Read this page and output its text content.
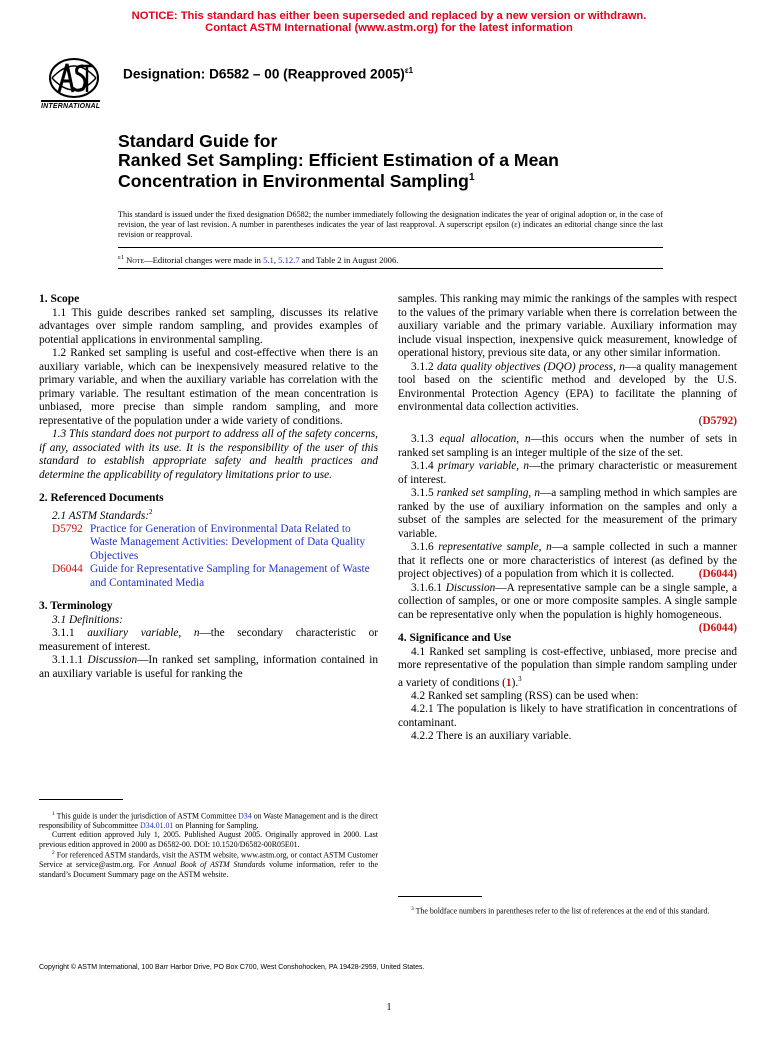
NOTICE: This standard has either been superseded and replaced by a new version or withdrawn.
Contact ASTM International (www.astm.org) for the latest information
INTERNATIONAL
Designation: D6582 – 00 (Reapproved 2005)$^{\varepsilon 1}$
Standard Guide for
Ranked Set Sampling: Efficient Estimation of a Mean
Concentration in Environmental Sampling$^1$
This standard is issued under the fixed designation D6582; the number immediately following the designation indicates the year of original adoption or, in the case of revision, the year of last revision. A number in parentheses indicates the year of last reapproval. A superscript epsilon (ε) indicates an editorial change since the last revision or reapproval.
$^{\varepsilon 1}$ Note—Editorial changes were made in 5.1, 5.12.7 and Table 2 in August 2006.
1. Scope

1.1 This guide describes ranked set sampling, discusses its relative advantages over simple random sampling, and provides examples of potential applications in environmental sampling.

1.2 Ranked set sampling is useful and cost-effective when there is an auxiliary variable, which can be inexpensively measured relative to the primary variable, and when the auxiliary variable has correlation with the primary variable. The resultant estimation of the mean concentration is unbiased, more precise than simple random sampling, and more representative of the population under a wide variety of conditions.

1.3 This standard does not purport to address all of the safety concerns, if any, associated with its use. It is the responsibility of the user of this standard to establish appropriate safety and health practices and determine the applicability of regulatory limitations prior to use.

2. Referenced Documents

2.1 ASTM Standards:$^2$

D5792 Practice for Generation of Environmental Data Related to Waste Management Activities: Development of Data Quality Objectives
D6044 Guide for Representative Sampling for Management of Waste and Contaminated Media
3. Terminology

3.1 Definitions:

3.1.1 auxiliary variable, n—the secondary characteristic or measurement of interest.

3.1.1.1 Discussion—In ranked set sampling, information contained in an auxiliary variable is useful for ranking the

samples. This ranking may mimic the rankings of the samples with respect to the values of the primary variable when there is correlation between the auxiliary variable and the primary variable. Auxiliary information may include visual inspection, inexpensive quick measurement, knowledge of operational history, previous site data, or any other similar information.

3.1.2 data quality objectives (DQO) process, n—a quality management tool based on the scientific method and developed by the U.S. Environmental Protection Agency (EPA) to facilitate the planning of environmental data collection activities.

(D5792)

3.1.3 equal allocation, n—this occurs when the number of sets in ranked set sampling is an integer multiple of the size of the set.

3.1.4 primary variable, n—the primary characteristic or measurement of interest.

3.1.5 ranked set sampling, n—a sampling method in which samples are ranked by the use of auxiliary information on the samples and only a subset of the samples are selected for the measurement of the primary variable.

3.1.6 representative sample, n—a sample collected in such a manner that it reflects one or more characteristics of interest (as defined by the project objectives) of a population from which it is collected.	(D6044)

3.1.6.1 Discussion—A representative sample can be a single sample, a collection of samples, or one or more composite samples. A single sample can be representative only when the population is highly homogeneous.
(D6044)

4. Significance and Use

4.1 Ranked set sampling is cost-effective, unbiased, more precise and more representative of the population than simple random sampling under a variety of conditions (1).$^3$

4.2 Ranked set sampling (RSS) can be used when:

4.2.1 The population is likely to have stratification in concentrations of contaminant.

4.2.2 There is an auxiliary variable.

$^1$ This guide is under the jurisdiction of ASTM Committee D34 on Waste Management and is the direct responsibility of Subcommittee D34.01.01 on Planning for Sampling.

Current edition approved July 1, 2005. Published August 2005. Originally approved in 2000. Last previous edition approved in 2000 as D6582-00. DOI: 10.1520/D6582-00R05E01.

$^2$ For referenced ASTM standards, visit the ASTM website, www.astm.org, or contact ASTM Customer Service at service@astm.org. For Annual Book of ASTM Standards volume information, refer to the standard’s Document Summary page on the ASTM website.

$^3$ The boldface numbers in parentheses refer to the list of references at the end of this standard.

Copyright © ASTM International, 100 Barr Harbor Drive, PO Box C700, West Conshohocken, PA 19428-2959, United States.
1
